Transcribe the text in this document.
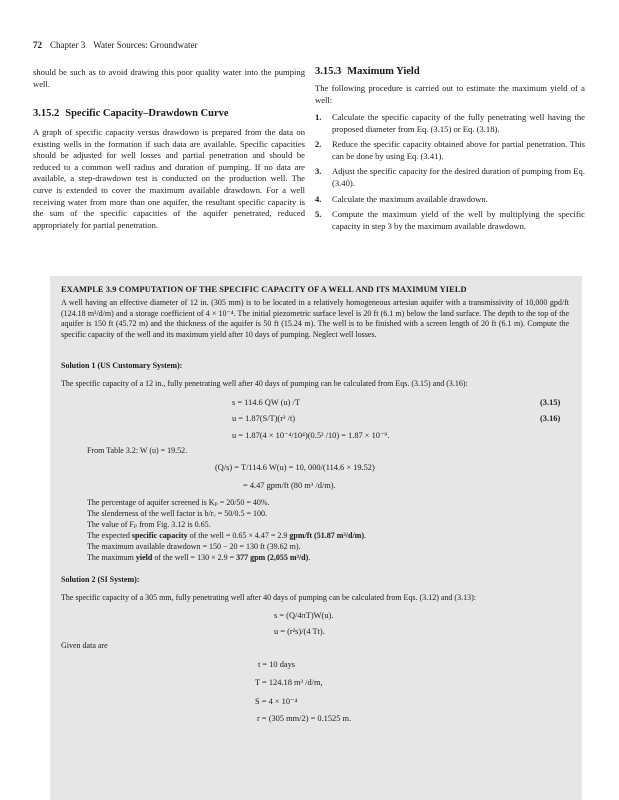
72 Chapter 3 Water Sources: Groundwater
should be such as to avoid drawing this poor quality water into the pumping well.
3.15.2 Specific Capacity–Drawdown Curve
A graph of specific capacity versus drawdown is prepared from the data on existing wells in the formation if such data are available. Specific capacities should be adjusted for well losses and partial penetration and should be reduced to a common well radius and duration of pumping. If no data are available, a step-drawdown test is conducted on the production well. The curve is extended to cover the maximum available drawdown. For a well receiving water from more than one aquifer, the resultant specific capacity is the sum of the specific capacities of the aquifer penetrated, reduced appropriately for partial penetration.
3.15.3 Maximum Yield
The following procedure is carried out to estimate the maximum yield of a well:
1. Calculate the specific capacity of the fully penetrating well having the proposed diameter from Eq. (3.15) or Eq. (3.18).
2. Reduce the specific capacity obtained above for partial penetration. This can be done by using Eq. (3.41).
3. Adjust the specific capacity for the desired duration of pumping from Eq. (3.40).
4. Calculate the maximum available drawdown.
5. Compute the maximum yield of the well by multiplying the specific capacity in step 3 by the maximum available drawdown.
EXAMPLE 3.9 COMPUTATION OF THE SPECIFIC CAPACITY OF A WELL AND ITS MAXIMUM YIELD
A well having an effective diameter of 12 in. (305 mm) is to be located in a relatively homogeneous artesian aquifer with a transmissivity of 10,000 gpd/ft (124.18 m³/d/m) and a storage coefficient of 4 × 10⁻⁴. The initial piezometric surface level is 20 ft (6.1 m) below the land surface. The depth to the top of the aquifer is 150 ft (45.72 m) and the thickness of the aquifer is 50 ft (15.24 m). The well is to be finished with a screen length of 20 ft (6.1 m). Compute the specific capacity of the well and its maximum yield after 10 days of pumping. Neglect well losses.
Solution 1 (US Customary System):
The specific capacity of a 12 in., fully penetrating well after 40 days of pumping can be calculated from Eqs. (3.15) and (3.16):
s = 114.6 QW (u) /T	(3.15)
u = 1.87(S/T)(r² /t)	(3.16)
u = 1.87(4 × 10⁻⁴/10⁴)(0.5² /10) = 1.87 × 10⁻⁹.
From Table 3.2: W (u) = 19.52.
(Q/s) = T/114.6 W(u) = 10, 000/(114.6 × 19.52)
= 4.47 gpm/ft (80 m³ /d/m).
The percentage of aquifer screened is Kₚ = 20/50 = 40%.
The slenderness of the well factor is b/rᵥ = 50/0.5 = 100.
The value of Fₚ from Fig. 3.12 is 0.65.
The expected specific capacity of the well = 0.65 × 4.47 = 2.9 gpm/ft (51.87 m³/d/m).
The maximum available drawdown = 150 − 20 = 130 ft (39.62 m).
The maximum yield of the well = 130 × 2.9 = 377 gpm (2,055 m³/d).
Solution 2 (SI System):
The specific capacity of a 305 mm, fully penetrating well after 40 days of pumping can be calculated from Eqs. (3.12) and (3.13):
s = (Q/4πT)W(u).
u = (r²s)/(4 Tt).
Given data are
t = 10 days
T = 124.18 m³ /d/m,
S = 4 × 10⁻⁴
r = (305 mm/2) = 0.1525 m.
